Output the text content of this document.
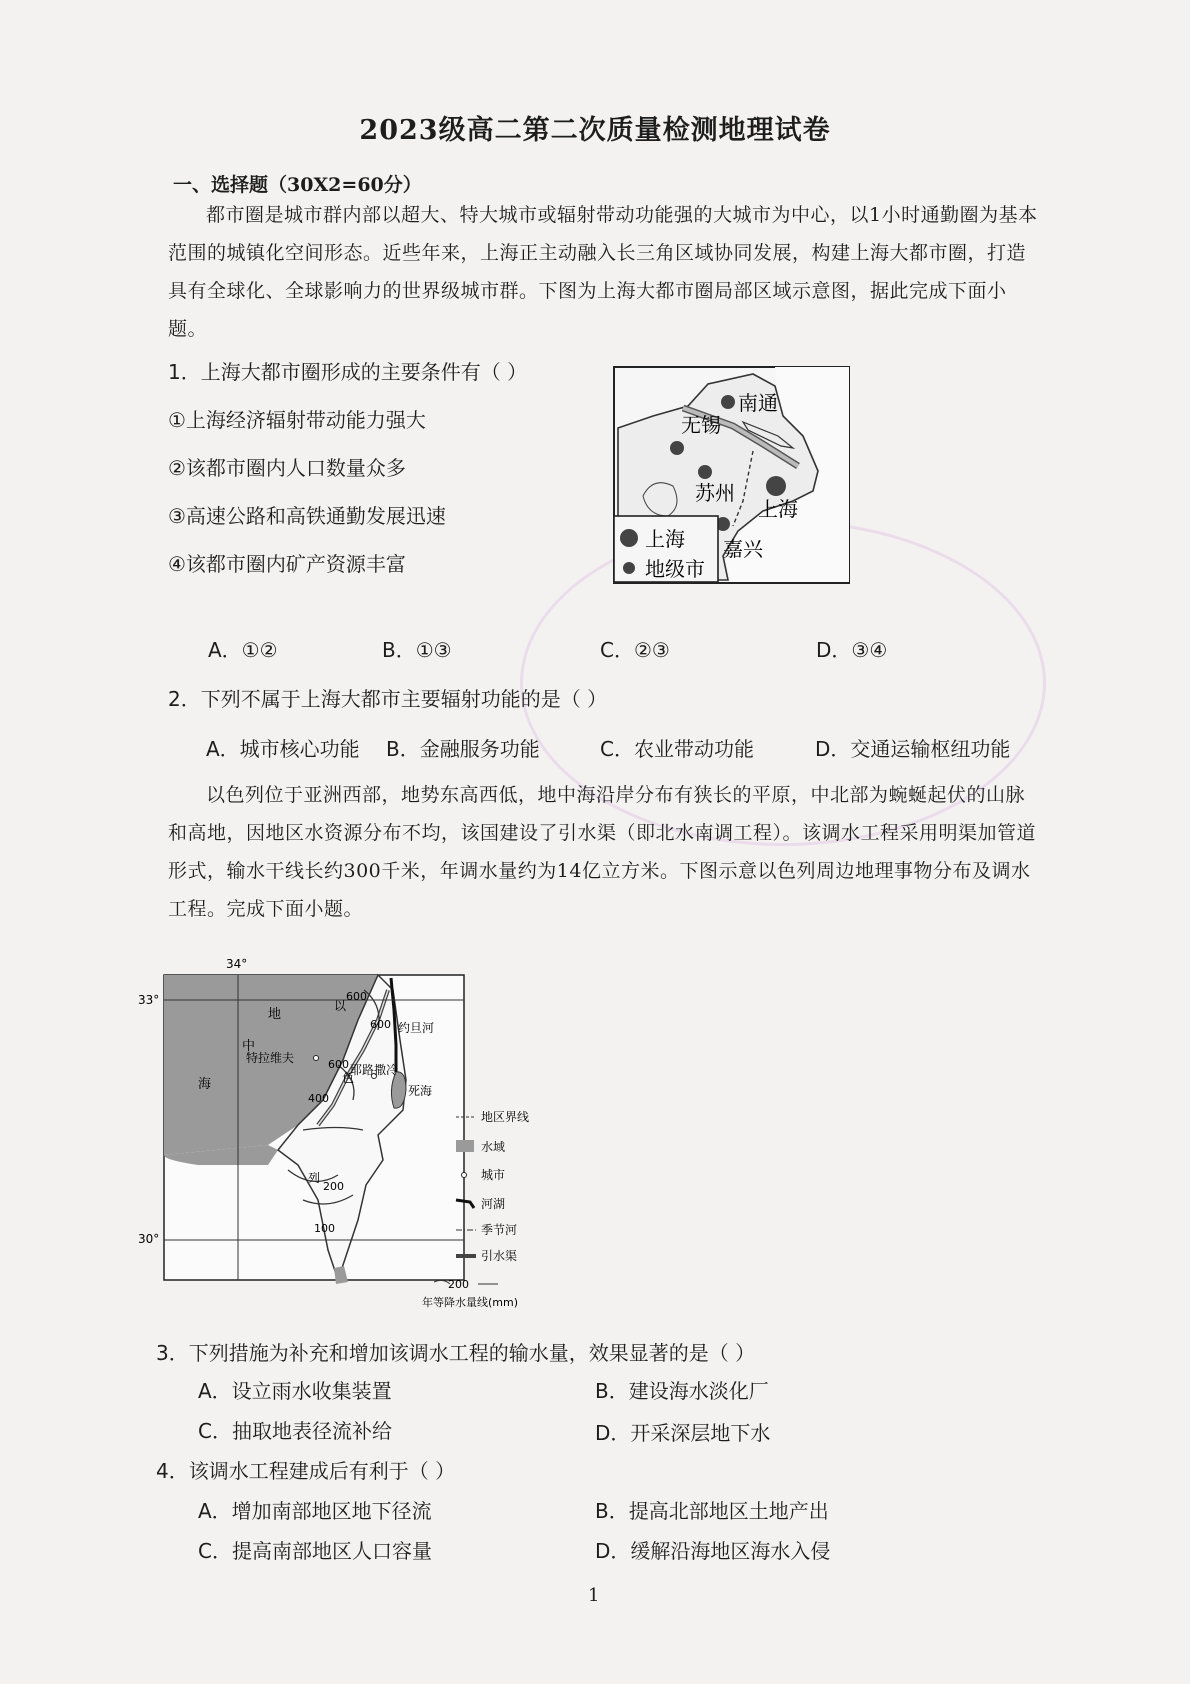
2023级高二第二次质量检测地理试卷
一、选择题（30X2=60分）
都市圈是城市群内部以超大、特大城市或辐射带动功能强的大城市为中心，以1小时通勤圈为基本范围的城镇化空间形态。近些年来，上海正主动融入长三角区域协同发展，构建上海大都市圈，打造具有全球化、全球影响力的世界级城市群。下图为上海大都市圈局部区域示意图，据此完成下面小题。
1．上海大都市圈形成的主要条件有（ ）
①上海经济辐射带动能力强大
②该都市圈内人口数量众多
③高速公路和高铁通勤发展迅速
④该都市圈内矿产资源丰富
南通
无锡
苏州
上海
嘉兴
上海
地级市
A．①②	B．①③	C．②③	D．③④
2．下列不属于上海大都市主要辐射功能的是（ ）
A．城市核心功能 B．金融服务功能	C．农业带动功能	D．交通运输枢纽功能
以色列位于亚洲西部，地势东高西低，地中海沿岸分布有狭长的平原，中北部为蜿蜒起伏的山脉和高地，因地区水资源分布不均，该国建设了引水渠（即北水南调工程）。该调水工程采用明渠加管道形式，输水干线长约300千米，年调水量约为14亿立方米。下图示意以色列周边地理事物分布及调水工程。完成下面小题。
34°
33°
30°
地
中
海
特拉维夫
耶路撒冷
约旦河
死海
以
色
列
600
600
600
400
200
100
地区界线
水域
城市
河湖
季节河
引水渠
200
年等降水量线(mm)
3．下列措施为补充和增加该调水工程的输水量，效果显著的是（ ）
A．设立雨水收集装置	B．建设海水淡化厂
C．抽取地表径流补给	D．开采深层地下水
4．该调水工程建成后有利于（ ）
A．增加南部地区地下径流	B．提高北部地区土地产出
C．提高南部地区人口容量	D．缓解沿海地区海水入侵
1
